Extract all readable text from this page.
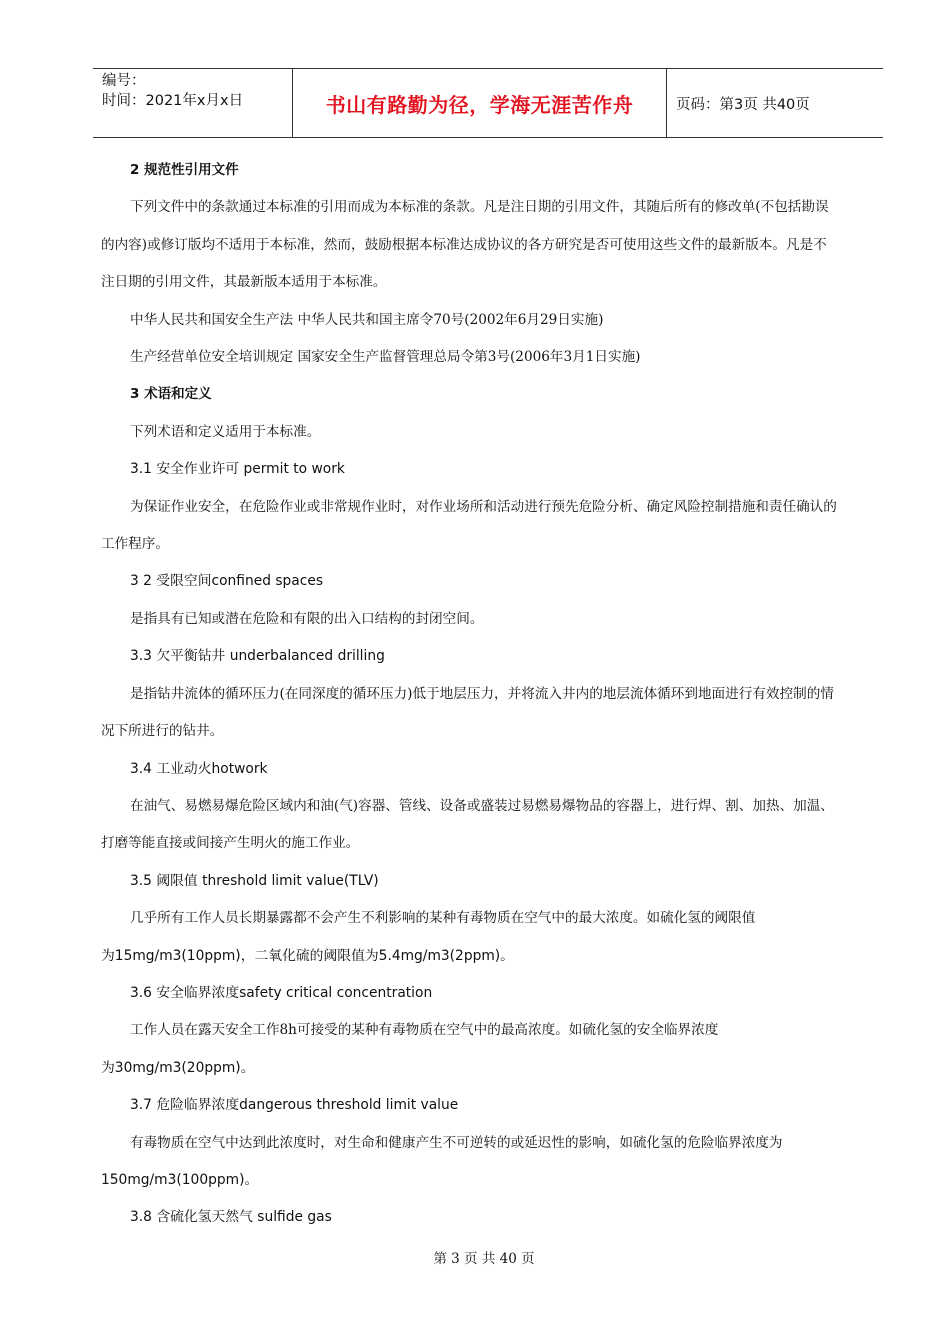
编号：
时间：2021年x月x日	书山有路勤为径，学海无涯苦作舟	页码：第3页 共40页

2 规范性引用文件

下列文件中的条款通过本标准的引用而成为本标准的条款。凡是注日期的引用文件，其随后所有的修改单(不包括勘误

的内容)或修订版均不适用于本标准，然而，鼓励根据本标准达成协议的各方研究是否可使用这些文件的最新版本。凡是不

注日期的引用文件，其最新版本适用于本标准。

中华人民共和国安全生产法 中华人民共和国主席令70号(2002年6月29日实施)

生产经营单位安全培训规定 国家安全生产监督管理总局令第3号(2006年3月1日实施)

3 术语和定义

下列术语和定义适用于本标准。

3.1 安全作业许可 permit to work

为保证作业安全，在危险作业或非常规作业时，对作业场所和活动进行预先危险分析、确定风险控制措施和责任确认的

工作程序。

3 2 受限空间confined spaces

是指具有已知或潜在危险和有限的出入口结构的封闭空间。

3.3 欠平衡钻井 underbalanced drilling

是指钻井流体的循环压力(在同深度的循环压力)低于地层压力，并将流入井内的地层流体循环到地面进行有效控制的情

况下所进行的钻井。

3.4 工业动火hotwork

在油气、易燃易爆危险区域内和油(气)容器、管线、设备或盛装过易燃易爆物品的容器上，进行焊、割、加热、加温、

打磨等能直接或间接产生明火的施工作业。

3.5 阈限值 threshold limit value(TLV)

几乎所有工作人员长期暴露都不会产生不利影响的某种有毒物质在空气中的最大浓度。如硫化氢的阈限值

为15mg/m3(10ppm)，二氧化硫的阈限值为5.4mg/m3(2ppm)。

3.6 安全临界浓度safety critical concentration

工作人员在露天安全工作8h可接受的某种有毒物质在空气中的最高浓度。如硫化氢的安全临界浓度

为30mg/m3(20ppm)。

3.7 危险临界浓度dangerous threshold limit value

有毒物质在空气中达到此浓度时，对生命和健康产生不可逆转的或延迟性的影响，如硫化氢的危险临界浓度为

150mg/m3(100ppm)。

3.8 含硫化氢天然气 sulfide gas

第 3 页 共 40 页
